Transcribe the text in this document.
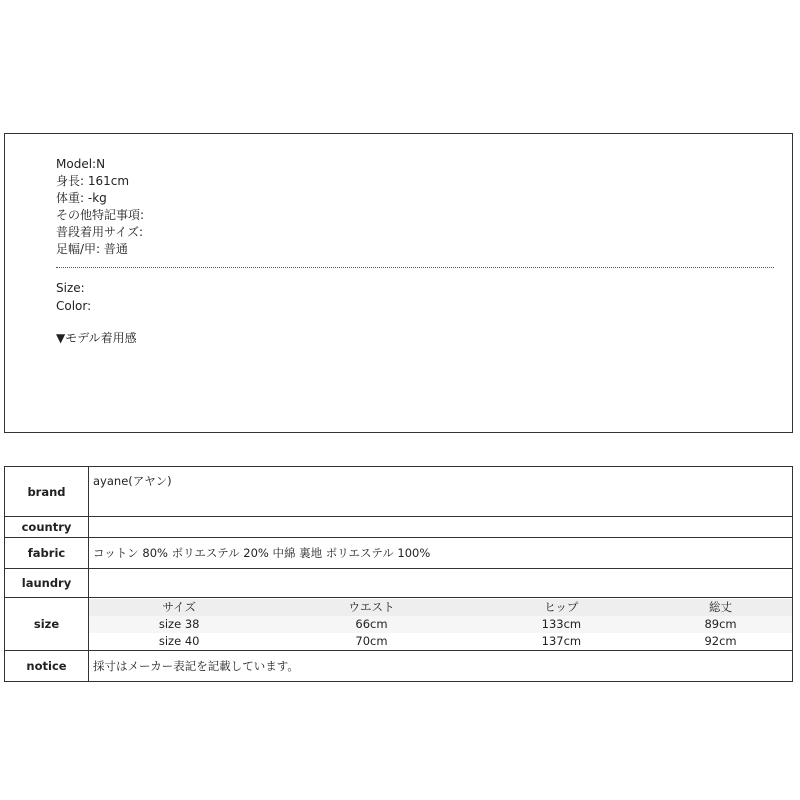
Model:N
身長: 161cm
体重: -kg
その他特記事項:
普段着用サイズ:
足幅/甲: 普通
Size:
Color:
▼モデル着用感
brand	ayane(アヤン)
country	
fabric	コットン 80% ポリエステル 20% 中綿 裏地 ポリエステル 100%
laundry	
size	
サイズ	ウエスト	ヒップ	総丈
size 38	66cm	133cm	89cm
size 40	70cm	137cm	92cm

notice	採寸はメーカー表記を記載しています。
